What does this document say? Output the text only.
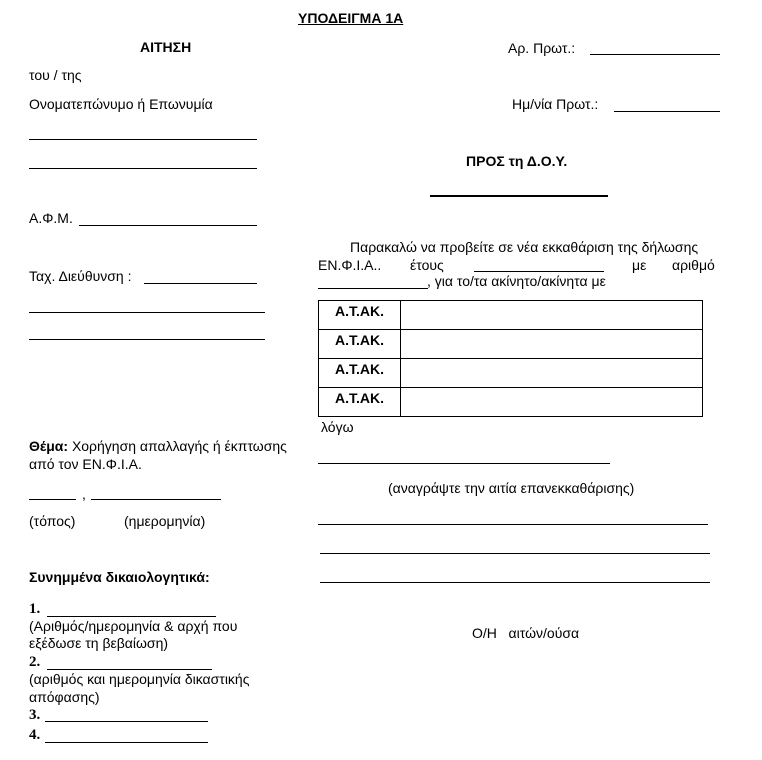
ΥΠΟΔΕΙΓΜΑ 1Α
ΑΙΤΗΣΗ
του / της
Ονοματεπώνυμο ή Επωνυμία
Α.Φ.Μ.
Ταχ. Διεύθυνση :
Αρ. Πρωτ.:
Ημ/νία Πρωτ.:
ΠΡΟΣ τη Δ.Ο.Υ.
Παρακαλώ να προβείτε σε νέα εκκαθάριση της δήλωσης
ΕΝ.Φ.Ι.Α.. έτους	με αριθμό
, για το/τα ακίνητο/ακίνητα με
Α.Τ.ΑΚ.	
Α.Τ.ΑΚ.	
Α.Τ.ΑΚ.	
Α.Τ.ΑΚ.	
λόγω
(αναγράψτε την αιτία επανεκκαθάρισης)
Ο/Η   αιτών/ούσα
Θέμα: Χορήγηση απαλλαγής ή έκπτωσης
από τον ΕΝ.Φ.Ι.Α.
,
(τόπος)	(ημερομηνία)
Συνημμένα δικαιολογητικά:
1.
(Αριθμός/ημερομηνία & αρχή που
εξέδωσε τη βεβαίωση)
2.
(αριθμός και ημερομηνία δικαστικής
απόφασης)
3.
4.
